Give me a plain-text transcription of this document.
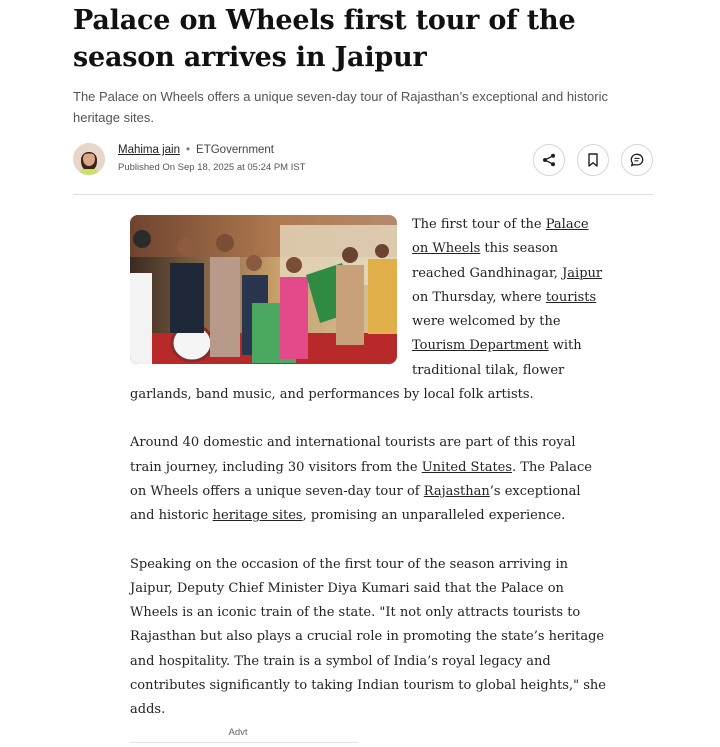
Palace on Wheels first tour of the season arrives in Jaipur
The Palace on Wheels offers a unique seven-day tour of Rajasthan’s exceptional and historic heritage sites.
Mahima jain • ETGovernment
Published On Sep 18, 2025 at 05:24 PM IST

The first tour of the Palace on Wheels this season reached Gandhinagar, Jaipur on Thursday, where tourists were welcomed by the Tourism Department with traditional tilak, flower garlands, band music, and performances by local folk artists.

Around 40 domestic and international tourists are part of this royal train journey, including 30 visitors from the United States. The Palace on Wheels offers a unique seven-day tour of Rajasthan’s exceptional and historic heritage sites, promising an unparalleled experience.

Speaking on the occasion of the first tour of the season arriving in Jaipur, Deputy Chief Minister Diya Kumari said that the Palace on Wheels is an iconic train of the state. "It not only attracts tourists to Rajasthan but also plays a crucial role in promoting the state’s heritage and hospitality. The train is a symbol of India’s royal legacy and contributes significantly to taking Indian tourism to global heights," she adds.

Advt
